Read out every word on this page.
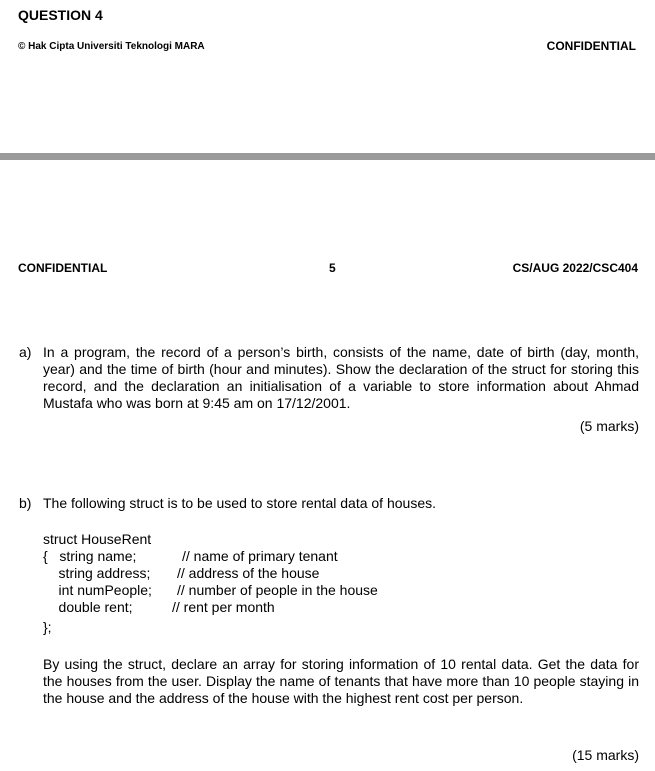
QUESTION 4
© Hak Cipta Universiti Teknologi MARA	CONFIDENTIAL
CONFIDENTIAL	5	CS/AUG 2022/CSC404
a) In a program, the record of a person’s birth, consists of the name, date of birth (day, month, year) and the time of birth (hour and minutes). Show the declaration of the struct for storing this record, and the declaration an initialisation of a variable to store information about Ahmad Mustafa who was born at 9:45 am on 17/12/2001.
(5 marks)
b) The following struct is to be used to store rental data of houses.
struct HouseRent
{   string name;	// name of primary tenant
string address; // address of the house
int numPeople; // number of people in the house
double rent;	// rent per month
};
By using the struct, declare an array for storing information of 10 rental data. Get the data for the houses from the user. Display the name of tenants that have more than 10 people staying in the house and the address of the house with the highest rent cost per person.
(15 marks)
